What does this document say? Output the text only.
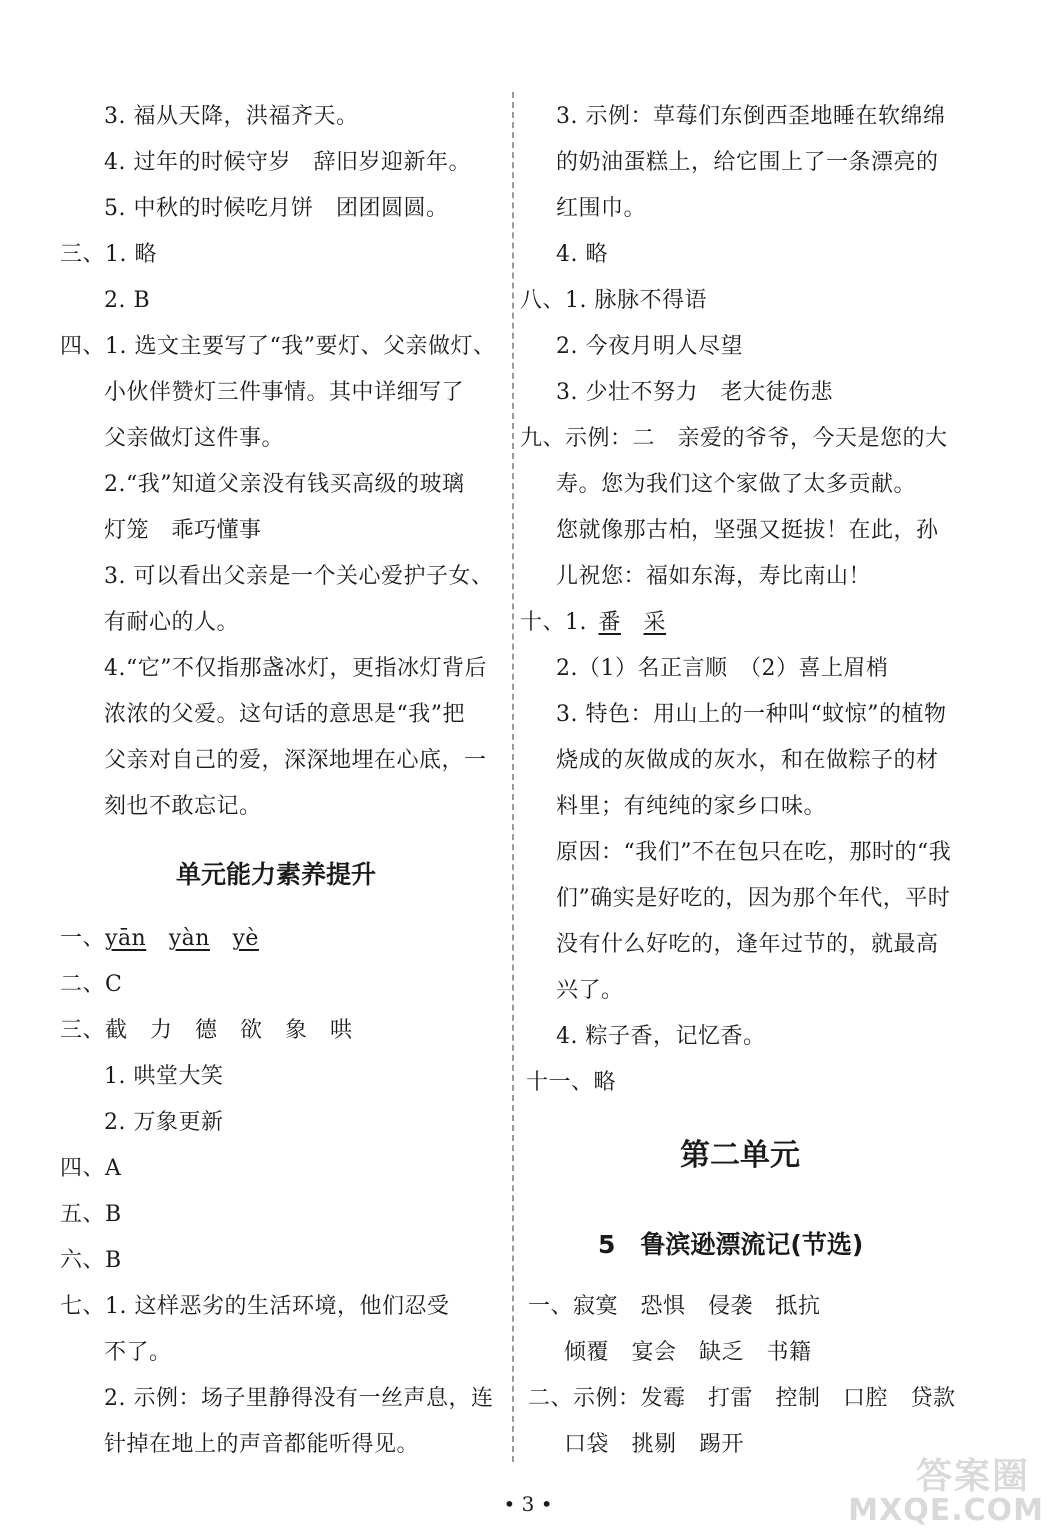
3. 福从天降，洪福齐天。
4. 过年的时候守岁　辞旧岁迎新年。
5. 中秋的时候吃月饼　团团圆圆。
三、1. 略
2. B
四、1. 选文主要写了“我”要灯、父亲做灯、
小伙伴赞灯三件事情。其中详细写了
父亲做灯这件事。
2.“我”知道父亲没有钱买高级的玻璃
灯笼　乖巧懂事
3. 可以看出父亲是一个关心爱护子女、
有耐心的人。
4.“它”不仅指那盏冰灯，更指冰灯背后
浓浓的父爱。这句话的意思是“我”把
父亲对自己的爱，深深地埋在心底，一
刻也不敢忘记。
单元能力素养提升
一、yān　 yàn　 yè
二、C
三、截　力　德　欲　象　哄
1. 哄堂大笑
2. 万象更新
四、A
五、B
六、B
七、1. 这样恶劣的生活环境，他们忍受
不了。
2. 示例：场子里静得没有一丝声息，连
针掉在地上的声音都能听得见。
3. 示例：草莓们东倒西歪地睡在软绵绵
的奶油蛋糕上，给它围上了一条漂亮的
红围巾。
4. 略
八、1. 脉脉不得语
2. 今夜月明人尽望
3. 少壮不努力　老大徒伤悲
九、示例：二　亲爱的爷爷，今天是您的大
寿。您为我们这个家做了太多贡献。
您就像那古柏，坚强又挺拔！在此，孙
儿祝您：福如东海，寿比南山！
十、1.  番　 采
2.（1）名正言顺　（2）喜上眉梢
3. 特色：用山上的一种叫“蚊惊”的植物
烧成的灰做成的灰水，和在做粽子的材
料里；有纯纯的家乡口味。
原因：“我们”不在包只在吃，那时的“我
们”确实是好吃的，因为那个年代，平时
没有什么好吃的，逢年过节的，就最高
兴了。
4. 粽子香，记忆香。
十一、略
第二单元
5　鲁滨逊漂流记(节选)
一、寂寞　恐惧　侵袭　抵抗
倾覆　宴会　缺乏　书籍
二、示例：发霉　打雷　控制　口腔　贷款
口袋　挑剔　踢开
• 3 •
答案圈
MXQE.COM
